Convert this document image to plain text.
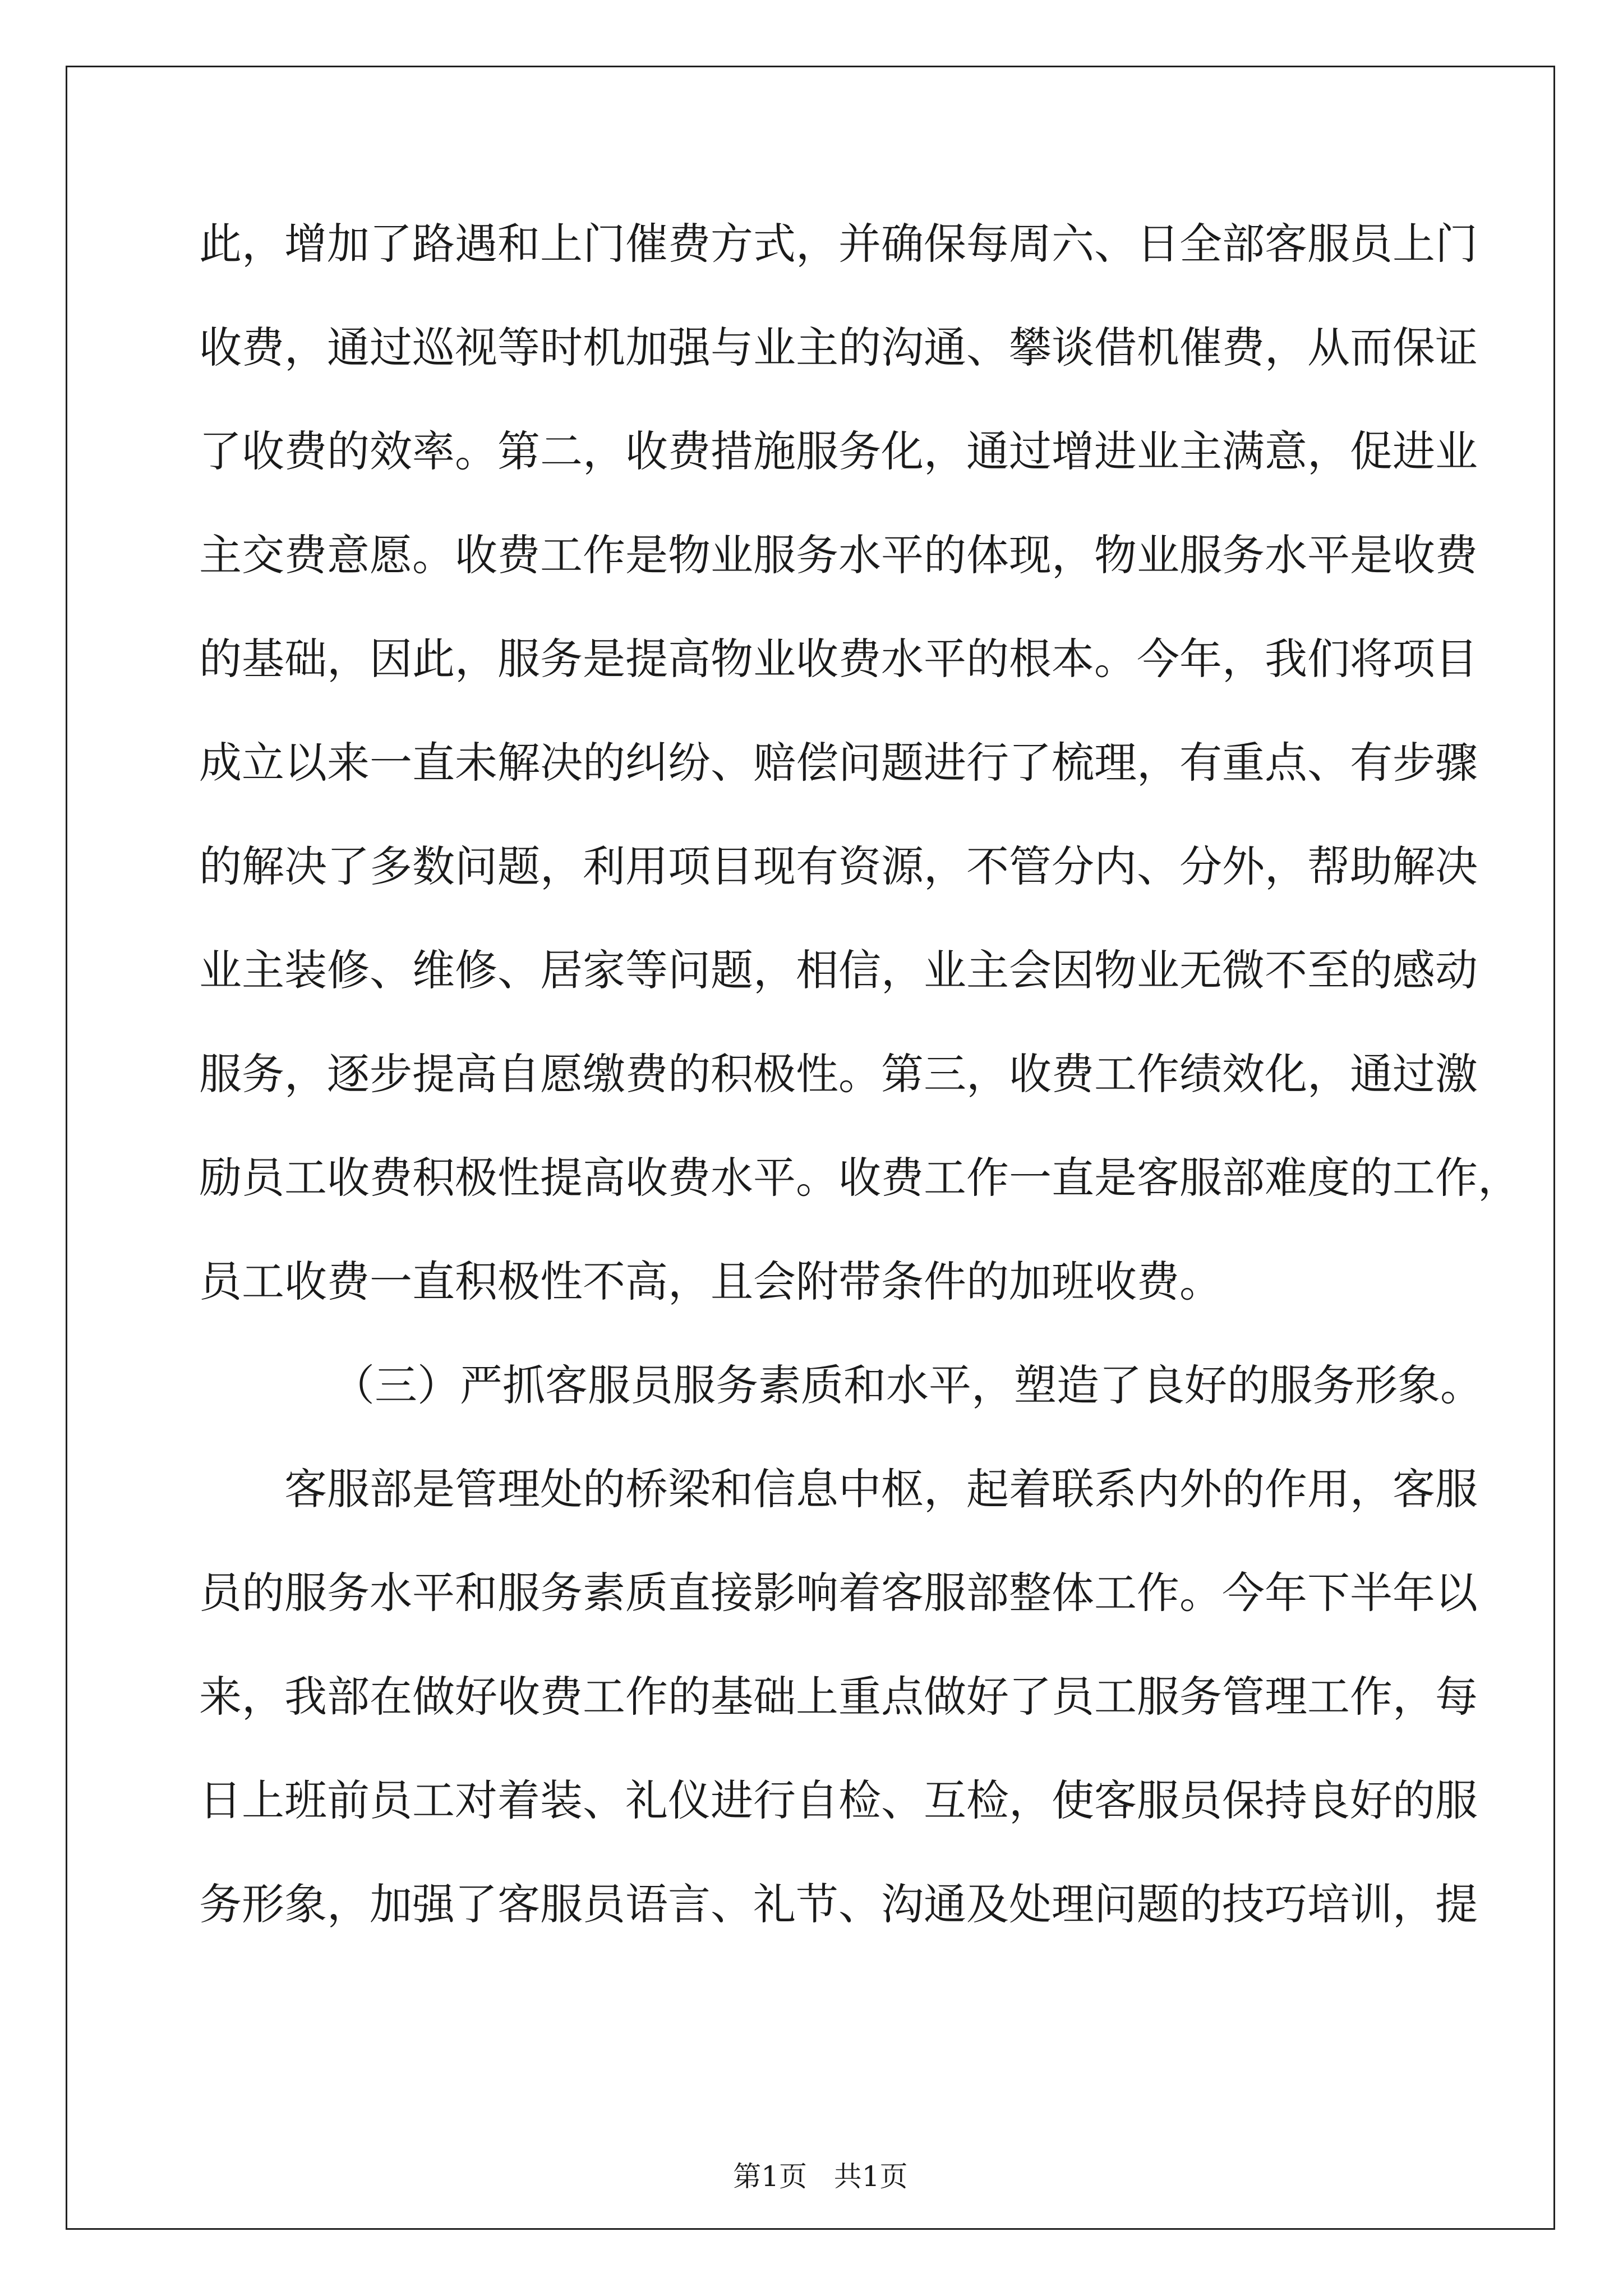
此，增加了路遇和上门催费方式，并确保每周六、日全部客服员上门
收费，通过巡视等时机加强与业主的沟通、攀谈借机催费，从而保证
了收费的效率。第二，收费措施服务化，通过增进业主满意，促进业
主交费意愿。收费工作是物业服务水平的体现，物业服务水平是收费
的基础，因此，服务是提高物业收费水平的根本。今年，我们将项目
成立以来一直未解决的纠纷、赔偿问题进行了梳理，有重点、有步骤
的解决了多数问题，利用项目现有资源，不管分内、分外，帮助解决
业主装修、维修、居家等问题，相信，业主会因物业无微不至的感动
服务，逐步提高自愿缴费的积极性。第三，收费工作绩效化，通过激
励员工收费积极性提高收费水平。收费工作一直是客服部难度的工作，
员工收费一直积极性不高，且会附带条件的加班收费。
（三）严抓客服员服务素质和水平，塑造了良好的服务形象。
客服部是管理处的桥梁和信息中枢，起着联系内外的作用，客服
员的服务水平和服务素质直接影响着客服部整体工作。今年下半年以
来，我部在做好收费工作的基础上重点做好了员工服务管理工作，每
日上班前员工对着装、礼仪进行自检、互检，使客服员保持良好的服
务形象，加强了客服员语言、礼节、沟通及处理问题的技巧培训，提

第1页   共1页
